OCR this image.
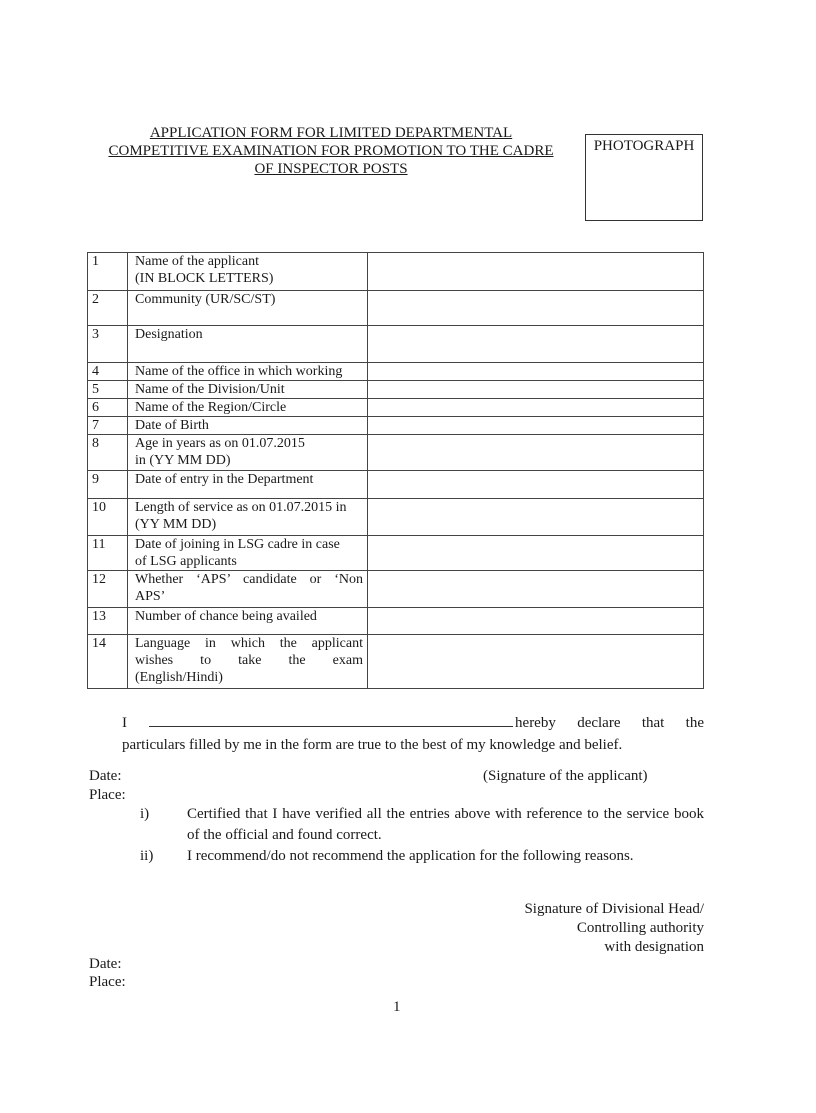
APPLICATION FORM FOR LIMITED DEPARTMENTAL
COMPETITIVE EXAMINATION FOR PROMOTION TO THE CADRE
OF INSPECTOR POSTS
PHOTOGRAPH
1	Name of the applicant
(IN BLOCK LETTERS)	

2	Community (UR/SC/ST)	

3	Designation	

4	Name of the office in which working	

5	Name of the Division/Unit	

6	Name of the Region/Circle	

7	Date of Birth	

8	Age in years as on 01.07.2015
in (YY MM DD)	

9	Date of entry in the Department	

10	Length of service as on 01.07.2015 in
(YY MM DD)	

11	Date of joining in LSG cadre in case
of LSG applicants	

12	Whether ‘APS’ candidate or ‘Non
APS’	

13	Number of chance being availed	

14	Language in which the applicant
wishes to take the exam
(English/Hindi)	

I	hereby declare that the
particulars filled by me in the form are true to the best of my knowledge and belief.
Date:
Place:
(Signature of the applicant)
i)	Certified that I have verified all the entries above with reference to the service book of the official and found correct.
ii)	I recommend/do not recommend the application for the following reasons.
Signature of Divisional Head/
Controlling authority
with designation
Date:
Place:
1
